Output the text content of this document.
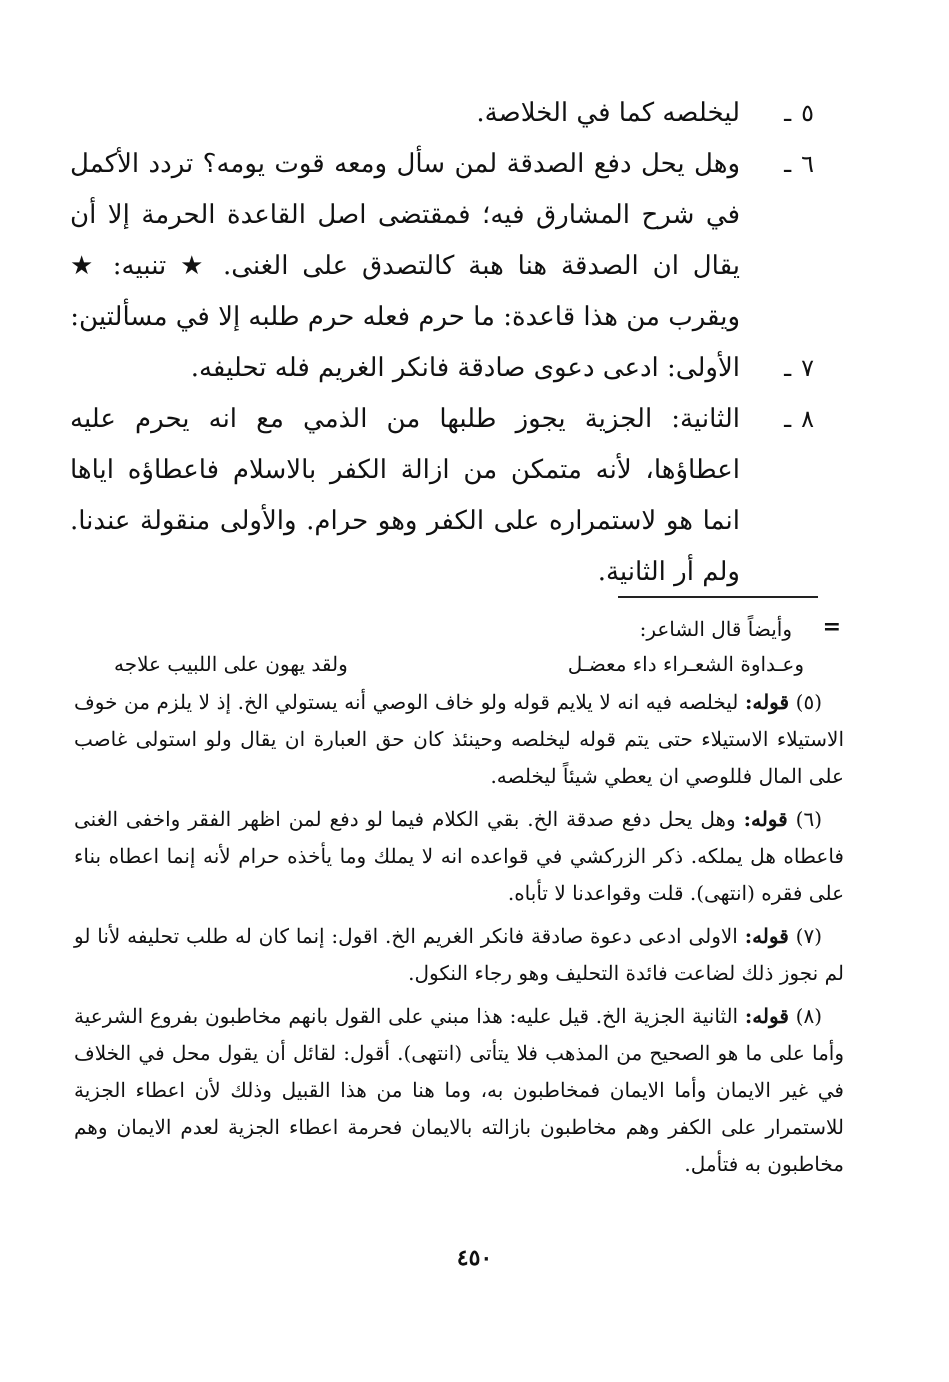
٥ـ
ليخلصه كما في الخلاصة.

٦ـ
وهل يحل دفع الصدقة لمن سأل ومعه قوت يومه؟ تردد الأكمل في شرح المشارق فيه؛ فمقتضى اصل القاعدة الحرمة إلا أن يقال ان الصدقة هنا هبة كالتصدق على الغنى. ★ تنبيه: ★ ويقرب من هذا قاعدة: ما حرم فعله حرم طلبه إلا في مسألتين:

٧ـ
الأولى: ادعى دعوى صادقة فانكر الغريم فله تحليفه.

٨ـ
الثانية: الجزية يجوز طلبها من الذمي مع انه يحرم عليه اعطاؤها، لأنه متمكن من ازالة الكفر بالاسلام فاعطاؤه اياها انما هو لاستمراره على الكفر وهو حرام. والأولى منقولة عندنا. ولم أر الثانية.

=

وأيضاً قال الشاعر:

وعـداوة الشعـراء داء معضـل
ولقد يهون على اللبيب علاجه

(٥) قوله: ليخلصه فيه انه لا يلايم قوله ولو خاف الوصي أنه يستولي الخ. إذ لا يلزم من خوف الاستيلاء الاستيلاء حتى يتم قوله ليخلصه وحينئذ كان حق العبارة ان يقال ولو استولى غاصب على المال فللوصي ان يعطي شيئاً ليخلصه.

(٦) قوله: وهل يحل دفع صدقة الخ. بقي الكلام فيما لو دفع لمن اظهر الفقر واخفى الغنى فاعطاه هل يملكه. ذكر الزركشي في قواعده انه لا يملك وما يأخذه حرام لأنه إنما اعطاه بناء على فقره (انتهى). قلت وقواعدنا لا تأباه.

(٧) قوله: الاولى ادعى دعوة صادقة فانكر الغريم الخ. اقول: إنما كان له طلب تحليفه لأنا لو لم نجوز ذلك لضاعت فائدة التحليف وهو رجاء النكول.

(٨) قوله: الثانية الجزية الخ. قيل عليه: هذا مبني على القول بانهم مخاطبون بفروع الشرعية وأما على ما هو الصحيح من المذهب فلا يتأتى (انتهى). أقول: لقائل أن يقول محل في الخلاف في غير الايمان وأما الايمان فمخاطبون به، وما هنا من هذا القبيل وذلك لأن اعطاء الجزية للاستمرار على الكفر وهم مخاطبون بازالته بالايمان فحرمة اعطاء الجزية لعدم الايمان وهم مخاطبون به فتأمل.

٤٥٠
